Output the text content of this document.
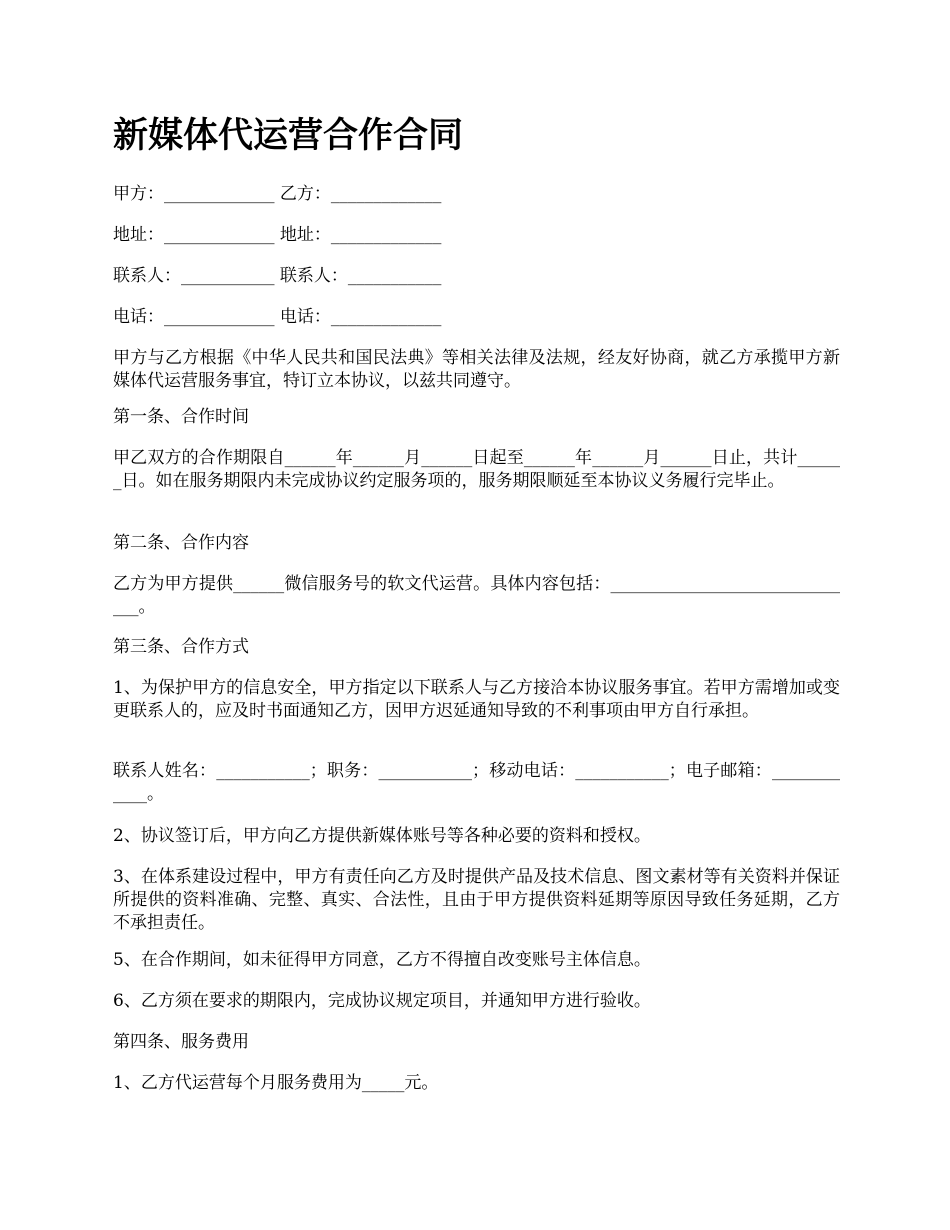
新媒体代运营合作合同

甲方：_____________ 乙方：_____________

地址：_____________ 地址：_____________

联系人：___________ 联系人：___________

电话：_____________ 电话：_____________

甲方与乙方根据《中华人民共和国民法典》等相关法律及法规，经友好协商，就乙方承揽甲方新媒体代运营服务事宜，特订立本协议，以兹共同遵守。

第一条、合作时间

甲乙双方的合作期限自______年______月______日起至______年______月______日止，共计______日。如在服务期限内未完成协议约定服务项的，服务期限顺延至本协议义务履行完毕止。

第二条、合作内容

乙方为甲方提供______微信服务号的软文代运营。具体内容包括：______________________________。

第三条、合作方式

1、为保护甲方的信息安全，甲方指定以下联系人与乙方接洽本协议服务事宜。若甲方需增加或变更联系人的，应及时书面通知乙方，因甲方迟延通知导致的不利事项由甲方自行承担。

联系人姓名：___________；职务：___________；移动电话：___________；电子邮箱：____________。

2、协议签订后，甲方向乙方提供新媒体账号等各种必要的资料和授权。

3、在体系建设过程中，甲方有责任向乙方及时提供产品及技术信息、图文素材等有关资料并保证所提供的资料准确、完整、真实、合法性，且由于甲方提供资料延期等原因导致任务延期，乙方不承担责任。

5、在合作期间，如未征得甲方同意，乙方不得擅自改变账号主体信息。

6、乙方须在要求的期限内，完成协议规定项目，并通知甲方进行验收。

第四条、服务费用

1、乙方代运营每个月服务费用为_____元。
